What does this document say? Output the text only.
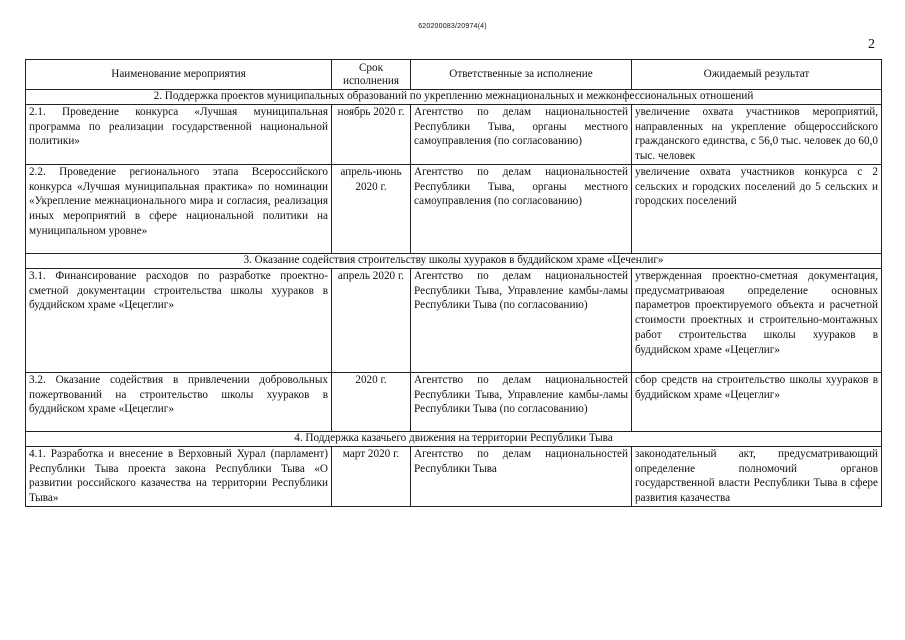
620200083/20974(4)
2
Наименование мероприятия	Срок исполнения	Ответственные за исполнение	Ожидаемый результат
2. Поддержка проектов муниципальных образований по укреплению межнациональных и межконфессиональных отношений			
2.1. Проведение конкурса «Лучшая муниципальная программа по реализации государственной национальной политики»	ноябрь 2020 г.	Агентство по делам национальностей Республики Тыва, органы местного самоуправления (по согласованию)	увеличение охвата участников мероприятий, направленных на укрепление общероссийского гражданского единства, с 56,0 тыс. человек до 60,0 тыс. человек
2.2. Проведение регионального этапа Всероссийского конкурса «Лучшая муниципальная практика» по номинации «Укрепление межнационального мира и согласия, реализация иных мероприятий в сфере национальной политики на муниципальном уровне»	апрель-июнь 2020 г.	Агентство по делам национальностей Республики Тыва, органы местного самоуправления (по согласованию)	увеличение охвата участников конкурса с 2 сельских и городских поселений до 5 сельских и городских поселений
3. Оказание содействия строительству школы хуураков в буддийском храме «Цеченлиг»			
3.1. Финансирование расходов по разработке проектно-сметной документации строительства школы хуураков в буддийском храме «Цецеглиг»	апрель 2020 г.	Агентство по делам национальностей Республики Тыва, Управление камбы-ламы Республики Тыва (по согласованию)	утвержденная проектно-сметная документация, предусматриваюая определение основных параметров проектируемого объекта и расчетной стоимости проектных и строительно-монтажных работ строительства школы хуураков в буддийском храме «Цецеглиг»
3.2. Оказание содействия в привлечении добровольных пожертвований на строительство школы хуураков в буддийском храме «Цецеглиг»	2020 г.	Агентство по делам национальностей Республики Тыва, Управление камбы-ламы Республики Тыва (по согласованию)	сбор средств на строительство школы хуураков в буддийском храме «Цецеглиг»
4. Поддержка казачьего движения на территории Республики Тыва			
4.1. Разработка и внесение в Верховный Хурал (парламент) Республики Тыва проекта закона Республики Тыва «О развитии российского казачества на территории Республики Тыва»	март 2020 г.	Агентство по делам национальностей Республики Тыва	законодательный акт, предусматривающий определение полномочий органов государственной власти Республики Тыва в сфере развития казачества
